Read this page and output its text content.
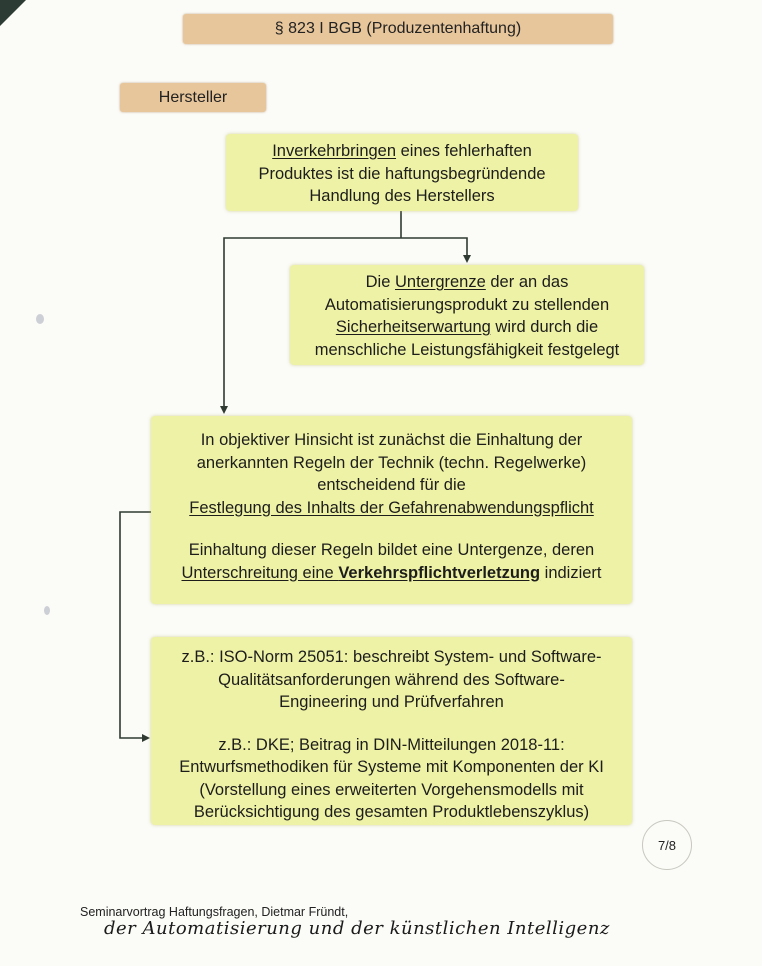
§ 823 I BGB (Produzentenhaftung)
Hersteller
Inverkehrbringen eines fehlerhaften
Produktes ist die haftungsbegründende
Handlung des Herstellers
Die Untergrenze der an das
Automatisierungsprodukt zu stellenden
Sicherheitserwartung wird durch die
menschliche Leistungsfähigkeit festgelegt
In objektiver Hinsicht ist zunächst die Einhaltung der
anerkannten Regeln der Technik (techn. Regelwerke)
entscheidend für die
Festlegung des Inhalts der Gefahrenabwendungspflicht
Einhaltung dieser Regeln bildet eine Untergenze, deren
Unterschreitung eine Verkehrspflichtverletzung indiziert
z.B.: ISO-Norm 25051: beschreibt System- und Software-
Qualitätsanforderungen während des Software-
Engineering und Prüfverfahren
z.B.: DKE; Beitrag in DIN-Mitteilungen 2018-11:
Entwurfsmethodiken für Systeme mit Komponenten der KI
(Vorstellung eines erweiterten Vorgehensmodells mit
Berücksichtigung des gesamten Produktlebenszyklus)
7/8
Seminarvortrag Haftungsfragen, Dietmar Fründt,
der Automatisierung und der künstlichen Intelligenz
